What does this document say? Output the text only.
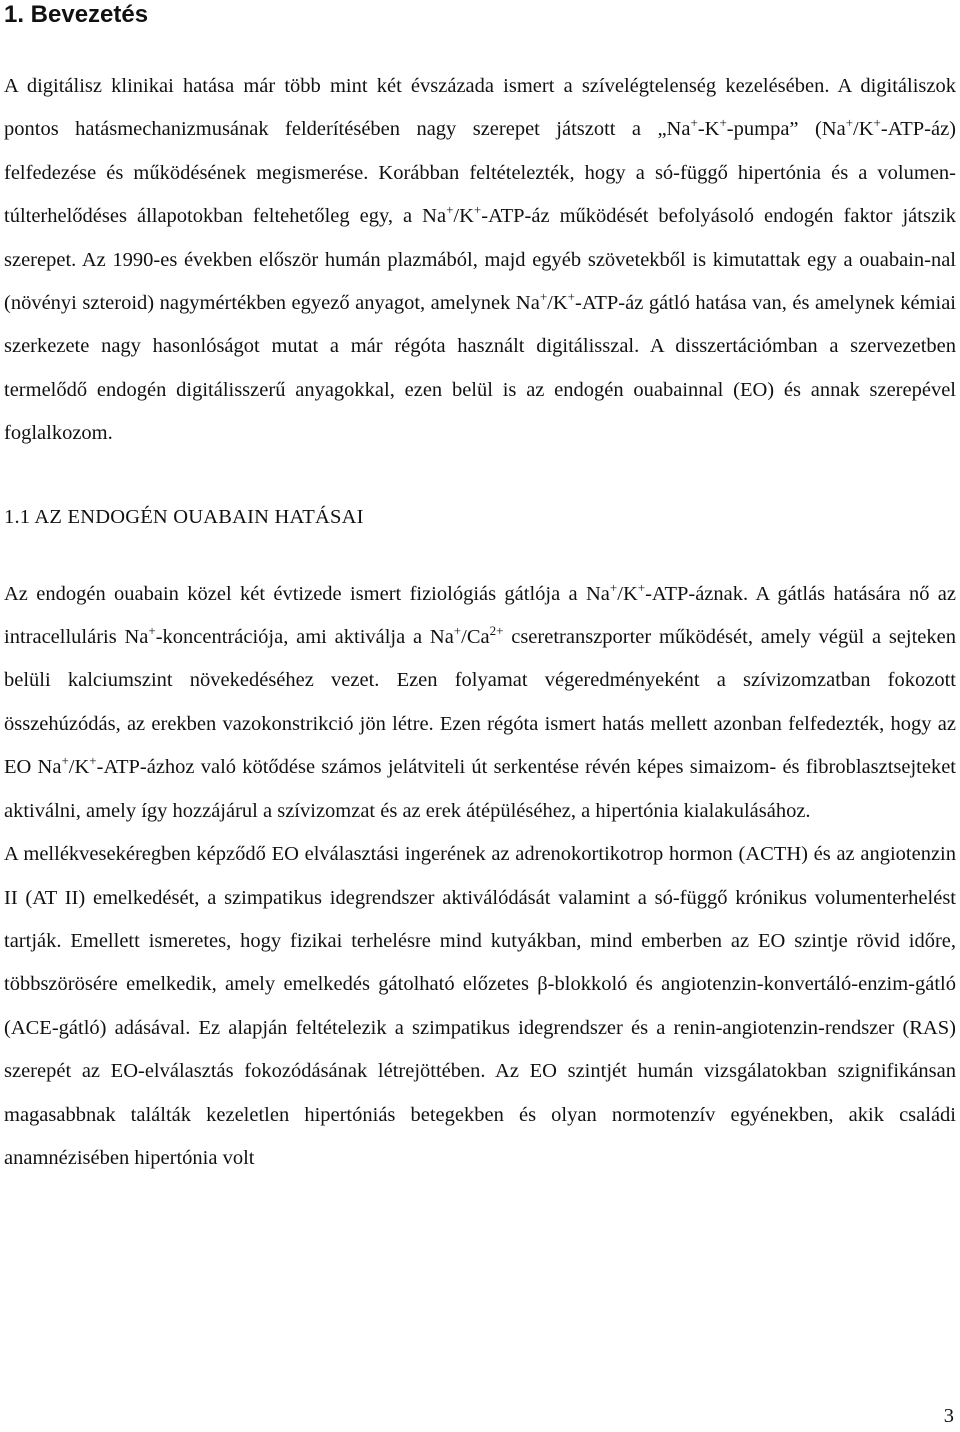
1. Bevezetés

A digitálisz klinikai hatása már több mint két évszázada ismert a szívelégtelenség kezelésében. A digitáliszok pontos hatásmechanizmusának felderítésében nagy szerepet játszott a „Na+-K+-pumpa” (Na+/K+-ATP-áz) felfedezése és működésének megismerése. Korábban feltételezték, hogy a só-függő hipertónia és a volumen-túlterhelődéses állapotokban feltehetőleg egy, a Na+/K+-ATP-áz működését befolyásoló endogén faktor játszik szerepet. Az 1990-es években először humán plazmából, majd egyéb szövetekből is kimutattak egy a ouabain-nal (növényi szteroid) nagymértékben egyező anyagot, amelynek Na+/K+-ATP-áz gátló hatása van, és amelynek kémiai szerkezete nagy hasonlóságot mutat a már régóta használt digitálisszal. A disszertációmban a szervezetben termelődő endogén digitálisszerű anyagokkal, ezen belül is az endogén ouabainnal (EO) és annak szerepével foglalkozom.

1.1 AZ ENDOGÉN OUABAIN HATÁSAI

Az endogén ouabain közel két évtizede ismert fiziológiás gátlója a Na+/K+-ATP-áznak. A gátlás hatására nő az intracelluláris Na+-koncentrációja, ami aktiválja a $Na^+/Ca^{2+}$ cseretranszporter működését, amely végül a sejteken belüli kalciumszint növekedéséhez vezet. Ezen folyamat végeredményeként a szívizomzatban fokozott összehúzódás, az erekben vazokonstrikció jön létre. Ezen régóta ismert hatás mellett azonban felfedezték, hogy az EO Na+/K+-ATP-ázhoz való kötődése számos jelátviteli út serkentése révén képes simaizom- és fibroblasztsejteket aktiválni, amely így hozzájárul a szívizomzat és az erek átépüléséhez, a hipertónia kialakulásához.

A mellékvesekéregben képződő EO elválasztási ingerének az adrenokortikotrop hormon (ACTH) és az angiotenzin II (AT II) emelkedését, a szimpatikus idegrendszer aktiválódását valamint a só-függő krónikus volumenterhelést tartják. Emellett ismeretes, hogy fizikai terhelésre mind kutyákban, mind emberben az EO szintje rövid időre, többszörösére emelkedik, amely emelkedés gátolható előzetes β-blokkoló és angiotenzin-konvertáló-enzim-gátló (ACE-gátló) adásával. Ez alapján feltételezik a szimpatikus idegrendszer és a renin-angiotenzin-rendszer (RAS) szerepét az EO-elválasztás fokozódásának létrejöttében. Az EO szintjét humán vizsgálatokban szignifikánsan magasabbnak találták kezeletlen hipertóniás betegekben és olyan normotenzív egyénekben, akik családi anamnézisében hipertónia volt

3
